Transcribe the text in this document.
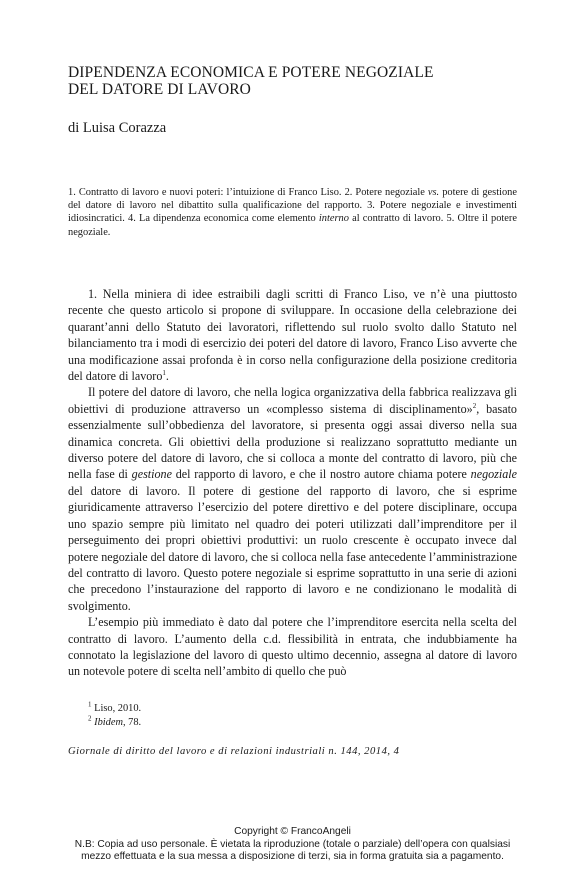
DIPENDENZA ECONOMICA E POTERE NEGOZIALE
DEL DATORE DI LAVORO
di Luisa Corazza
1. Contratto di lavoro e nuovi poteri: l’intuizione di Franco Liso. 2. Potere negoziale vs. potere di gestione del datore di lavoro nel dibattito sulla qualificazione del rapporto. 3. Potere negoziale e investimenti idiosincratici. 4. La dipendenza economica come elemento interno al contratto di lavoro. 5. Oltre il potere negoziale.

1. Nella miniera di idee estraibili dagli scritti di Franco Liso, ve n’è una piuttosto recente che questo articolo si propone di sviluppare. In occasione della celebrazione dei quarant’anni dello Statuto dei lavoratori, riflettendo sul ruolo svolto dallo Statuto nel bilanciamento tra i modi di esercizio dei poteri del datore di lavoro, Franco Liso avverte che una modificazione assai profonda è in corso nella configurazione della posizione creditoria del datore di lavoro$^1$.

Il potere del datore di lavoro, che nella logica organizzativa della fabbrica realizzava gli obiettivi di produzione attraverso un «complesso sistema di disciplinamento»$^2$, basato essenzialmente sull’obbedienza del lavoratore, si presenta oggi assai diverso nella sua dinamica concreta. Gli obiettivi della produzione si realizzano soprattutto mediante un diverso potere del datore di lavoro, che si colloca a monte del contratto di lavoro, più che nella fase di gestione del rapporto di lavoro, e che il nostro autore chiama potere negoziale del datore di lavoro. Il potere di gestione del rapporto di lavoro, che si esprime giuridicamente attraverso l’esercizio del potere direttivo e del potere disciplinare, occupa uno spazio sempre più limitato nel quadro dei poteri utilizzati dall’imprenditore per il perseguimento dei propri obiettivi produttivi: un ruolo crescente è occupato invece dal potere negoziale del datore di lavoro, che si colloca nella fase antecedente l’amministrazione del contratto di lavoro. Questo potere negoziale si esprime soprattutto in una serie di azioni che precedono l’instaurazione del rapporto di lavoro e ne condizionano le modalità di svolgimento.

L’esempio più immediato è dato dal potere che l’imprenditore esercita nella scelta del contratto di lavoro. L’aumento della c.d. flessibilità in entrata, che indubbiamente ha connotato la legislazione del lavoro di questo ultimo decennio, assegna al datore di lavoro un notevole potere di scelta nell’ambito di quello che può

$^1$ Liso, 2010.
$^2$ Ibidem, 78.
Giornale di diritto del lavoro e di relazioni industriali n. 144, 2014, 4
Copyright © FrancoAngeli
N.B: Copia ad uso personale. È vietata la riproduzione (totale o parziale) dell’opera con qualsiasi
mezzo effettuata e la sua messa a disposizione di terzi, sia in forma gratuita sia a pagamento.
